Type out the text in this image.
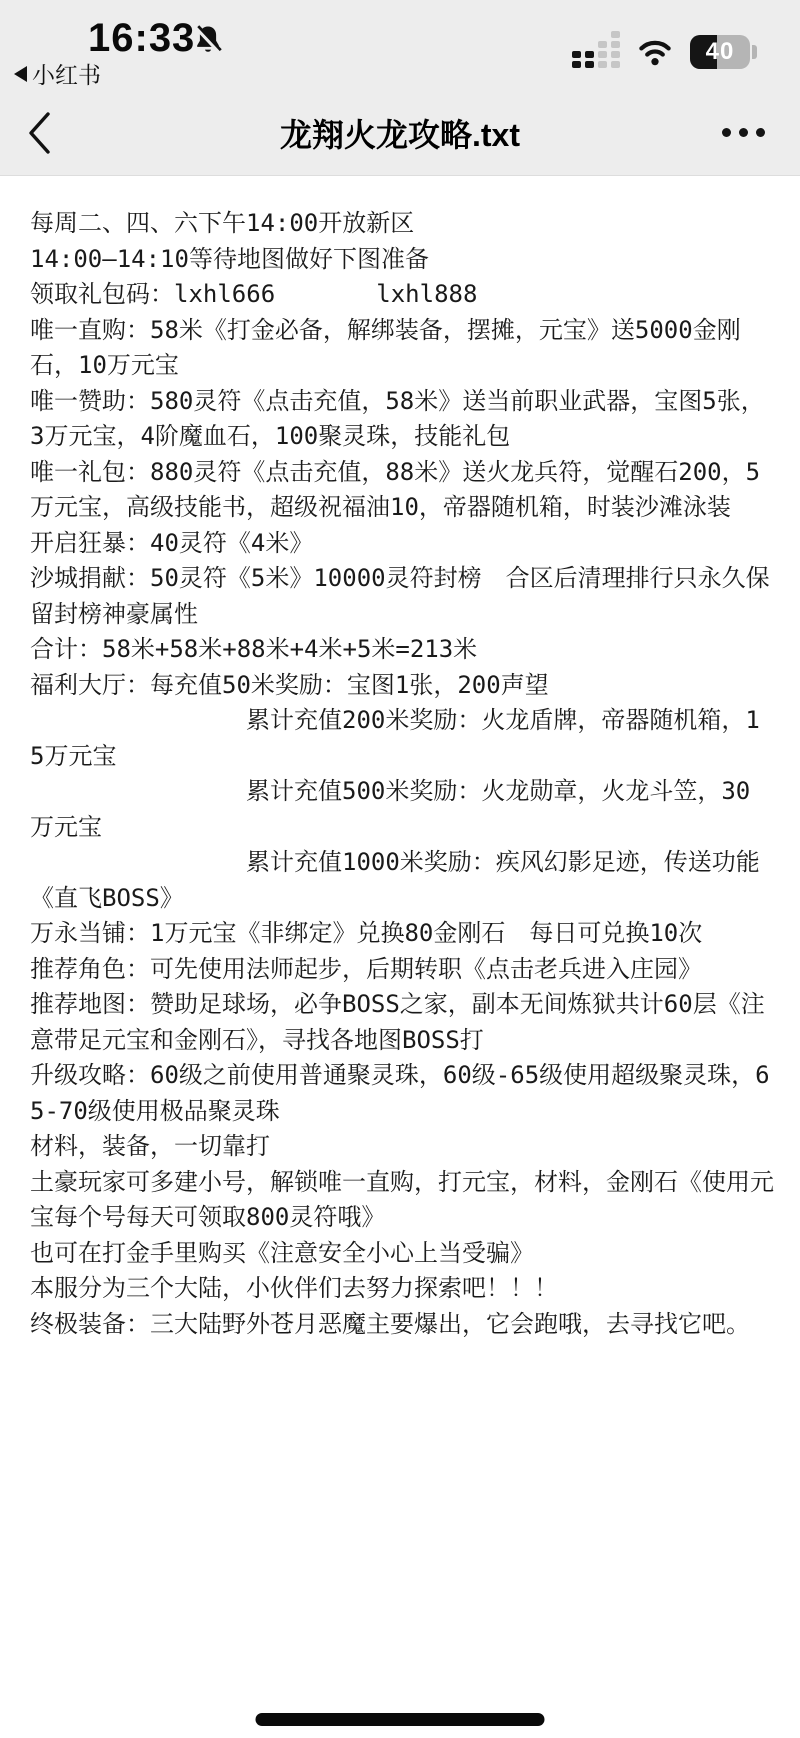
16:33
小红书
40
龙翔火龙攻略.txt
每周二、四、六下午14:00开放新区
14:00—14:10等待地图做好下图准备
领取礼包码：lxhl666       lxhl888
唯一直购：58米《打金必备，解绑装备，摆摊，元宝》送5000金刚石，10万元宝
唯一赞助：580灵符《点击充值，58米》送当前职业武器，宝图5张，3万元宝，4阶魔血石，100聚灵珠，技能礼包
唯一礼包：880灵符《点击充值，88米》送火龙兵符，觉醒石200，5万元宝，高级技能书，超级祝福油10，帝器随机箱，时装沙滩泳装
开启狂暴：40灵符《4米》
沙城捐献：50灵符《5米》10000灵符封榜　合区后清理排行只永久保留封榜神豪属性
合计：58米+58米+88米+4米+5米=213米
福利大厅：每充值50米奖励：宝图1张，200声望
　　　　　　　　　累计充值200米奖励：火龙盾牌，帝器随机箱，15万元宝
　　　　　　　　　累计充值500米奖励：火龙勋章，火龙斗笠，30万元宝
　　　　　　　　　累计充值1000米奖励：疾风幻影足迹，传送功能《直飞BOSS》
万永当铺：1万元宝《非绑定》兑换80金刚石　每日可兑换10次
推荐角色：可先使用法师起步，后期转职《点击老兵进入庄园》
推荐地图：赞助足球场，必争BOSS之家，副本无间炼狱共计60层《注意带足元宝和金刚石》，寻找各地图BOSS打
升级攻略：60级之前使用普通聚灵珠，60级-65级使用超级聚灵珠，65-70级使用极品聚灵珠
材料，装备，一切靠打
土豪玩家可多建小号，解锁唯一直购，打元宝，材料，金刚石《使用元宝每个号每天可领取800灵符哦》
也可在打金手里购买《注意安全小心上当受骗》
本服分为三个大陆，小伙伴们去努力探索吧！！！
终极装备：三大陆野外苍月恶魔主要爆出，它会跑哦，去寻找它吧。
